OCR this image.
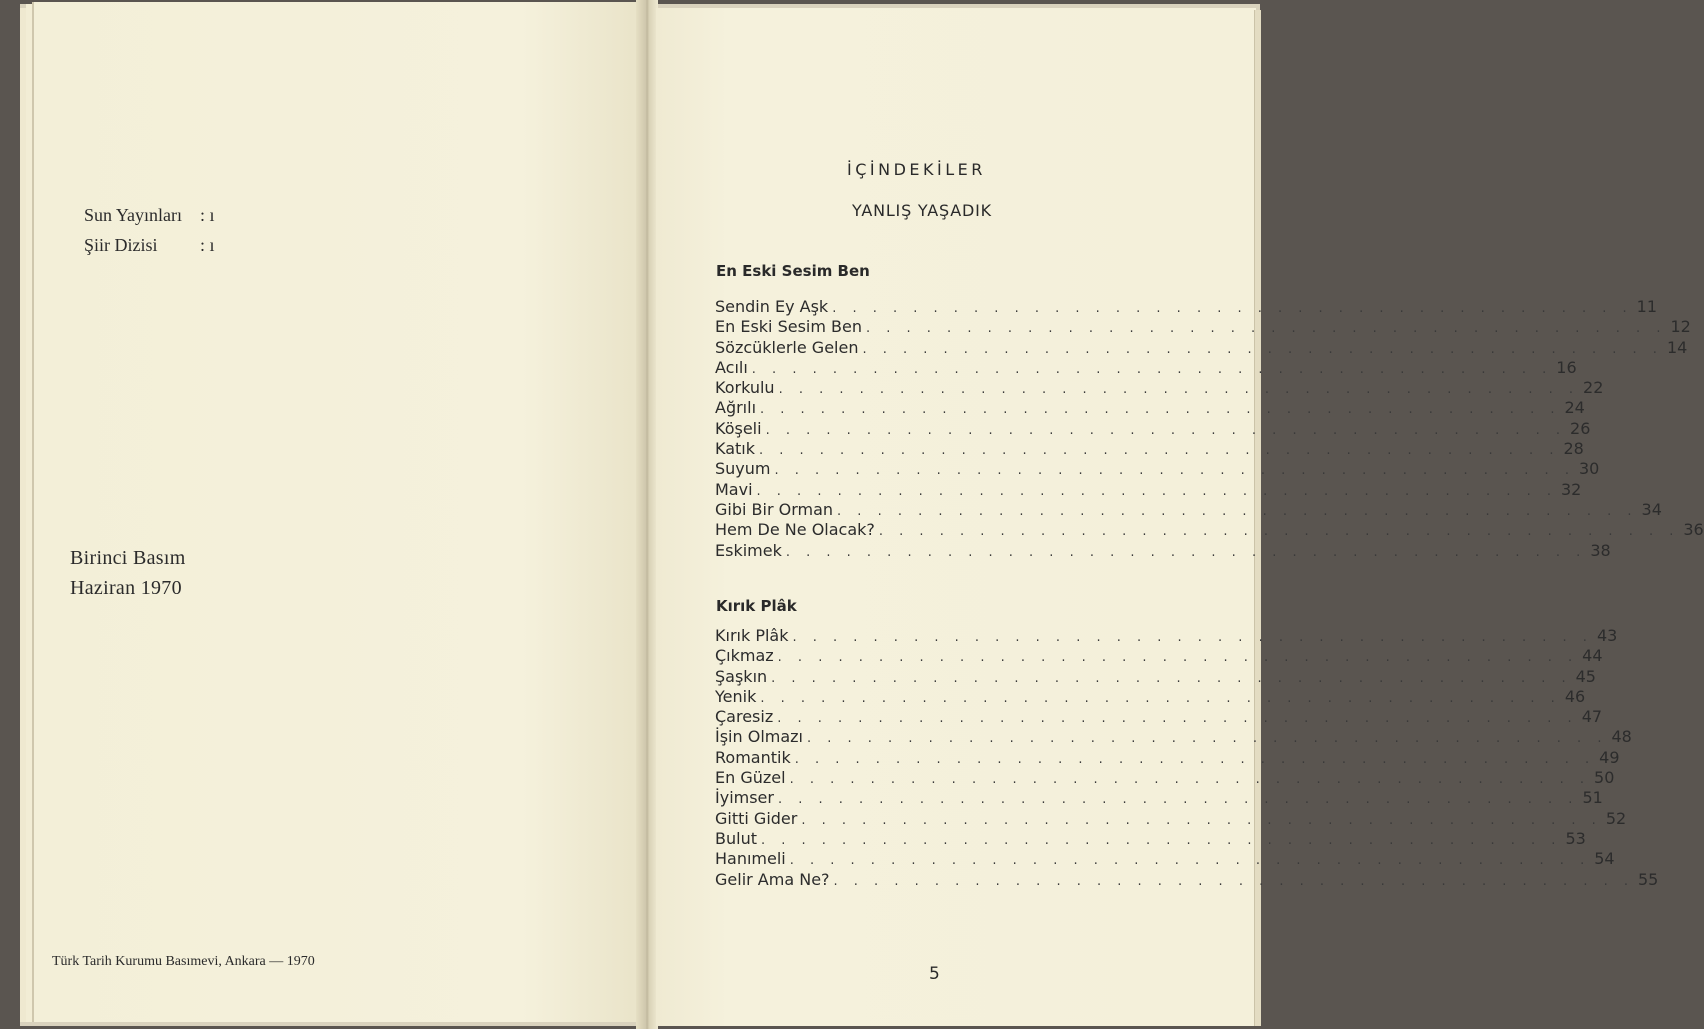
Sun Yayınları : ı
Şiir Dizisi	: ı
Birinci Basım
Haziran 1970
Türk Tarih Kurumu Basımevi, Ankara — 1970
İÇİNDEKİLER
YANLIŞ YAŞADIK
En Eski Sesim Ben
Sendin Ey Aşk . . . . . . . . . . . . . . . . . . . . . . . . . . . . . . . . . . . . . . . . 11
En Eski Sesim Ben . . . . . . . . . . . . . . . . . . . . . . . . . . . . . . . . . . . . . . . . 12
Sözcüklerle Gelen . . . . . . . . . . . . . . . . . . . . . . . . . . . . . . . . . . . . . . . . 14
Acılı . . . . . . . . . . . . . . . . . . . . . . . . . . . . . . . . . . . . . . . . 16
Korkulu . . . . . . . . . . . . . . . . . . . . . . . . . . . . . . . . . . . . . . . . 22
Ağrılı . . . . . . . . . . . . . . . . . . . . . . . . . . . . . . . . . . . . . . . . 24
Köşeli . . . . . . . . . . . . . . . . . . . . . . . . . . . . . . . . . . . . . . . . 26
Katık . . . . . . . . . . . . . . . . . . . . . . . . . . . . . . . . . . . . . . . . 28
Suyum . . . . . . . . . . . . . . . . . . . . . . . . . . . . . . . . . . . . . . . . 30
Mavi . . . . . . . . . . . . . . . . . . . . . . . . . . . . . . . . . . . . . . . . 32
Gibi Bir Orman . . . . . . . . . . . . . . . . . . . . . . . . . . . . . . . . . . . . . . . . 34
Hem De Ne Olacak? . . . . . . . . . . . . . . . . . . . . . . . . . . . . . . . . . . . . . . . . 36
Eskimek . . . . . . . . . . . . . . . . . . . . . . . . . . . . . . . . . . . . . . . . 38
Kırık Plâk
Kırık Plâk . . . . . . . . . . . . . . . . . . . . . . . . . . . . . . . . . . . . . . . . 43
Çıkmaz . . . . . . . . . . . . . . . . . . . . . . . . . . . . . . . . . . . . . . . . 44
Şaşkın . . . . . . . . . . . . . . . . . . . . . . . . . . . . . . . . . . . . . . . . 45
Yenik . . . . . . . . . . . . . . . . . . . . . . . . . . . . . . . . . . . . . . . . 46
Çaresiz . . . . . . . . . . . . . . . . . . . . . . . . . . . . . . . . . . . . . . . . 47
İşin Olmazı . . . . . . . . . . . . . . . . . . . . . . . . . . . . . . . . . . . . . . . . 48
Romantik . . . . . . . . . . . . . . . . . . . . . . . . . . . . . . . . . . . . . . . . 49
En Güzel . . . . . . . . . . . . . . . . . . . . . . . . . . . . . . . . . . . . . . . . 50
İyimser . . . . . . . . . . . . . . . . . . . . . . . . . . . . . . . . . . . . . . . . 51
Gitti Gider . . . . . . . . . . . . . . . . . . . . . . . . . . . . . . . . . . . . . . . . 52
Bulut . . . . . . . . . . . . . . . . . . . . . . . . . . . . . . . . . . . . . . . . 53
Hanımeli . . . . . . . . . . . . . . . . . . . . . . . . . . . . . . . . . . . . . . . . 54
Gelir Ama Ne? . . . . . . . . . . . . . . . . . . . . . . . . . . . . . . . . . . . . . . . . 55
5
